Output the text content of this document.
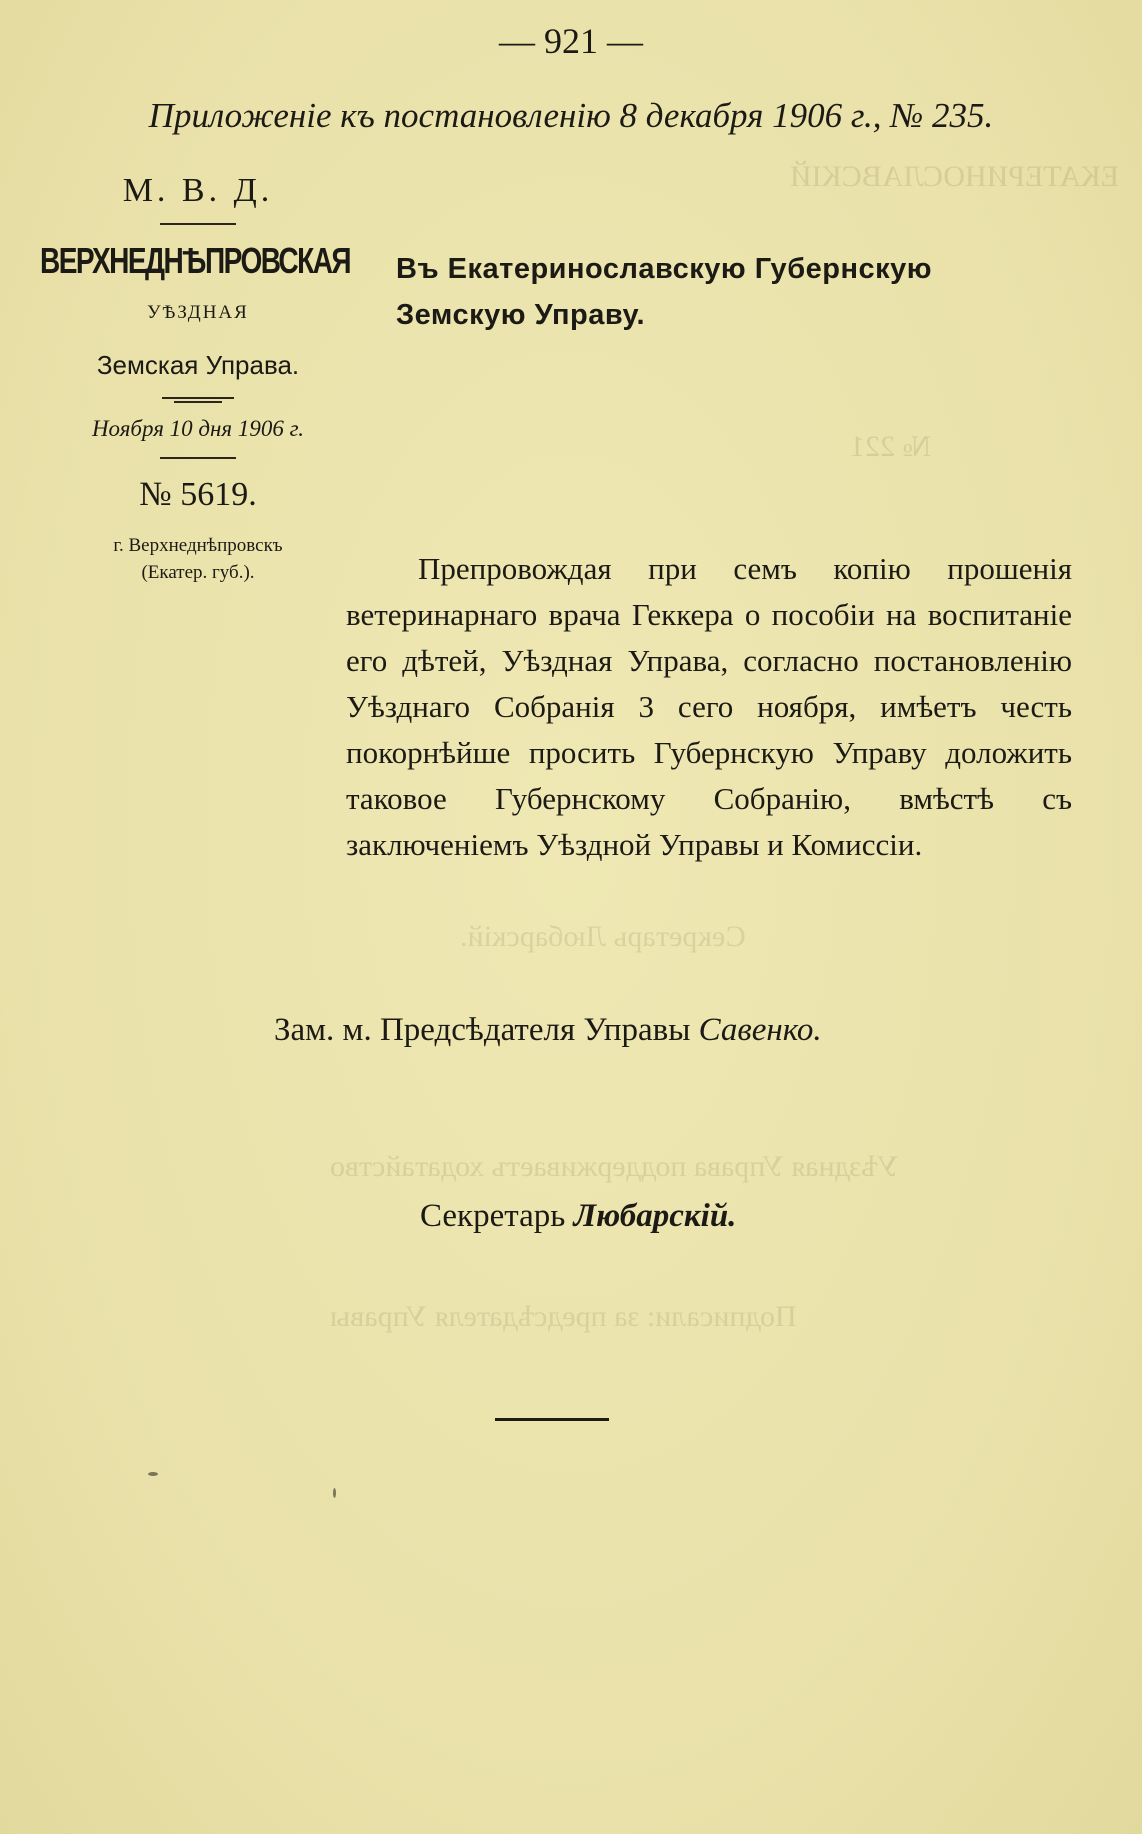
ЕКАТЕРИНОСЛАВСКІЙ
№ 221
Секретарь Любарскій.
Уѣздная Управа поддерживаетъ ходатайство
Подписали: за предсѣдателя Управы
— 921 —
Приложеніе къ постановленію 8 декабря 1906 г., № 235.
М. В. Д.
ВЕРХНЕДНѢПРОВСКАЯ
УѢЗДНАЯ
Земская Управа.
Ноября 10 дня 1906 г.
№ 5619.
г. Верхнеднѣпровскъ
(Екатер. губ.).
Въ Екатеринославскую Губернскую
Земскую Управу.
Препровождая при семъ копію прошенія ветеринарнаго врача Геккера о пособіи на воспитаніе его дѣтей, Уѣздная Управа, согласно постановленію Уѣзднаго Собранія 3 сего ноября, имѣетъ честь покорнѣйше просить Губернскую Управу доложить таковое Губернскому Собранію, вмѣстѣ съ заключеніемъ Уѣздной Управы и Комиссіи.
Зам. м. Предсѣдателя Управы Савенко.
Секретарь Любарскій.
